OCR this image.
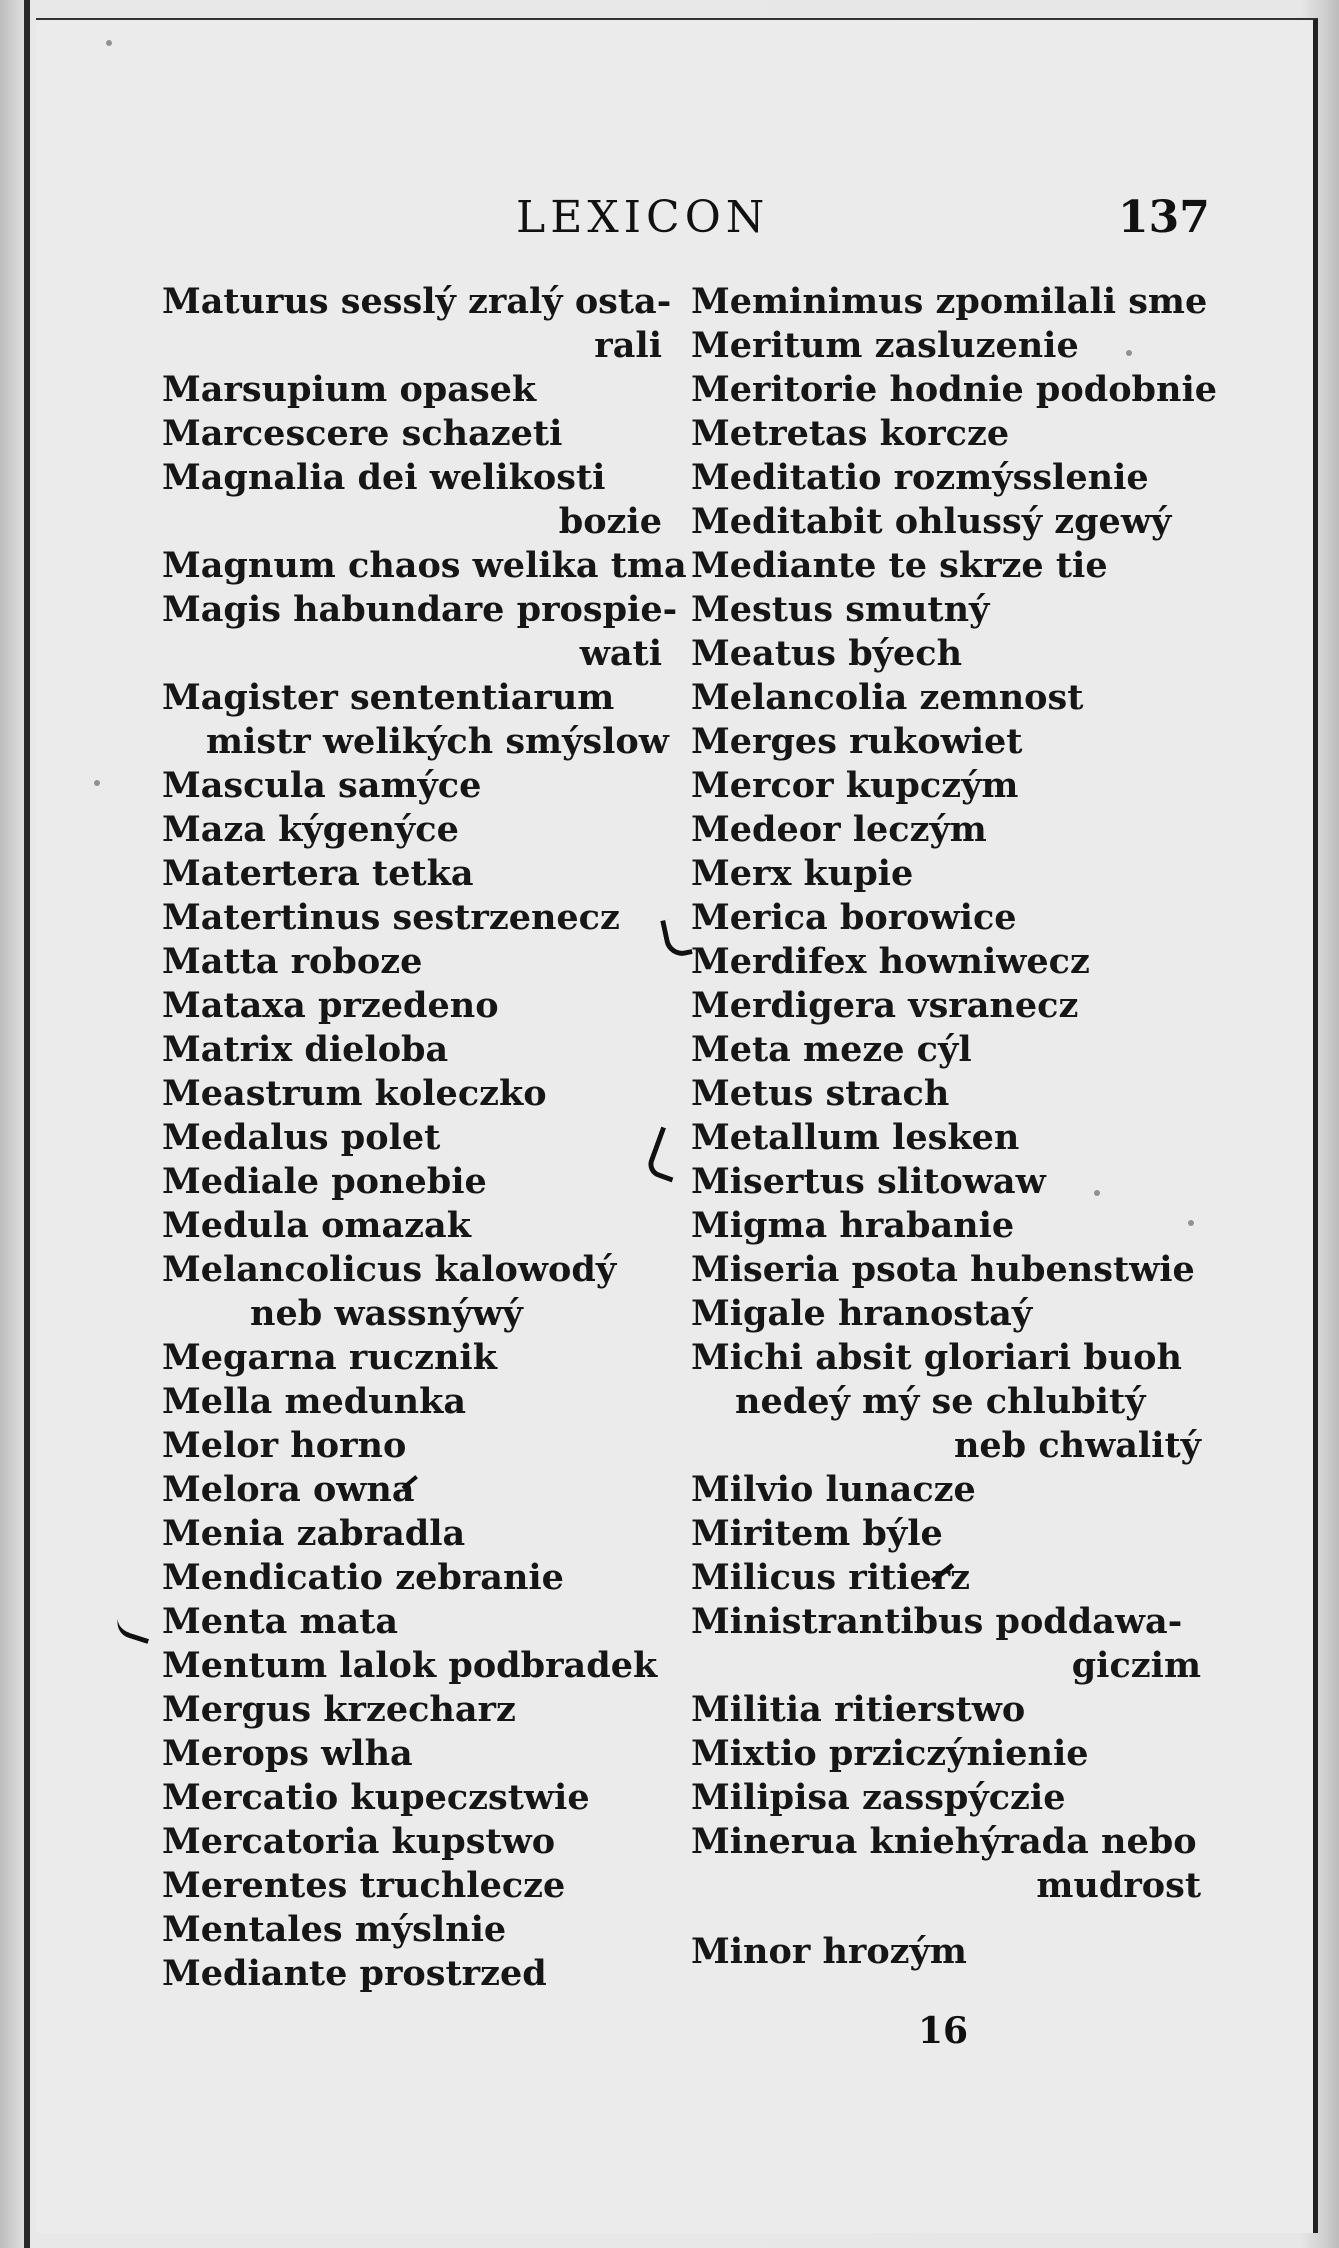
LEXICON	137
Maturus sesslý zralý osta-
rali
Marsupium opasek
Marcescere schazeti
Magnalia dei welikosti
bozie
Magnum chaos welika tma
Magis habundare prospie-
wati
Magister sententiarum
mistr welikých smýslow
Mascula samýce
Maza kýgenýce
Matertera tetka
Matertinus sestrzenecz
Matta roboze
Mataxa przedeno
Matrix dieloba
Meastrum koleczko
Medalus polet
Mediale ponebie
Medula omazak
Melancolicus kalowodý
neb wassnýwý
Megarna rucznik
Mella medunka
Melor horno
Melora owna
Menia zabradla
Mendicatio zebranie
Menta mata
Mentum lalok podbradek
Mergus krzecharz
Merops wlha
Mercatio kupeczstwie
Mercatoria kupstwo
Merentes truchlecze
Mentales mýslnie
Mediante prostrzed
Meminimus zpomilali sme
Meritum zasluzenie
Meritorie hodnie podobnie
Metretas korcze
Meditatio rozmýsslenie
Meditabit ohlussý zgewý
Mediante te skrze tie
Mestus smutný
Meatus býech
Melancolia zemnost
Merges rukowiet
Mercor kupczým
Medeor leczým
Merx kupie
Merica borowice
Merdifex howniwecz
Merdigera vsranecz
Meta meze cýl
Metus strach
Metallum lesken
Misertus slitowaw
Migma hrabanie
Miseria psota hubenstwie
Migale hranostaý
Michi absit gloriari buoh
nedeý mý se chlubitý
neb chwalitý
Milvio lunacze
Miritem býle
Milicus ritierz
Ministrantibus poddawa-
giczim
Militia ritierstwo
Mixtio prziczýnienie
Milipisa zasspýczie
Minerua kniehýrada nebo
mudrost
Minor hrozým
16
